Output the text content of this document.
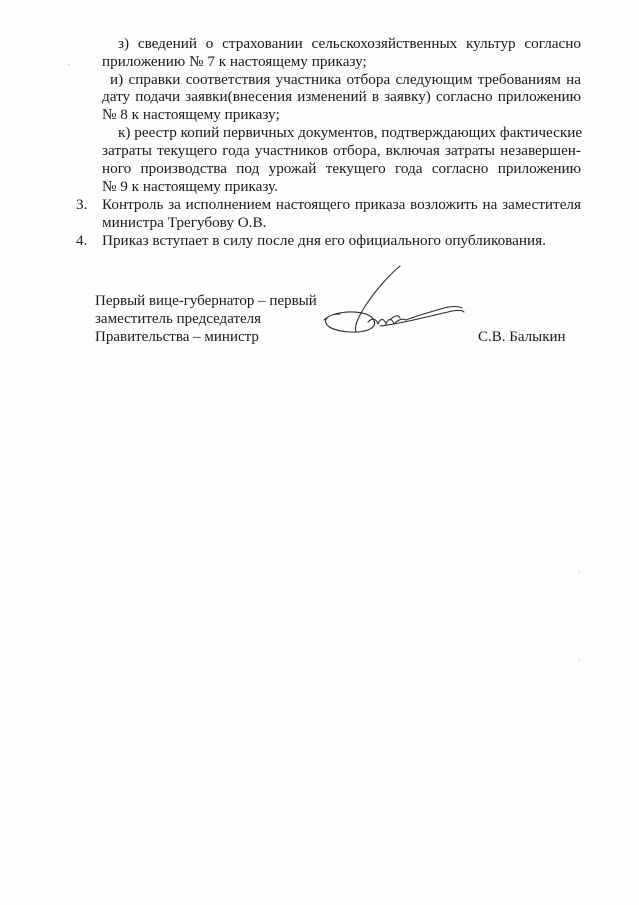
з) сведений о страховании сельскохозяйственных культур согласно
приложению № 7 к настоящему приказу;
и) справки соответствия участника отбора следующим требованиям на
дату подачи заявки(внесения изменений в заявку) согласно приложению
№ 8 к настоящему приказу;
к) реестр копий первичных документов, подтверждающих фактические
затраты текущего года участников отбора, включая затраты незавершен-
ного производства под урожай текущего года согласно приложению
№ 9 к настоящему приказу.
3. Контроль за исполнением настоящего приказа возложить на заместителя
министра Трегубову О.В.
4. Приказ вступает в силу после дня его официального опубликования.
Первый вице-губернатор – первый
заместитель председателя
Правительства – министр	С.В. Балыкин
